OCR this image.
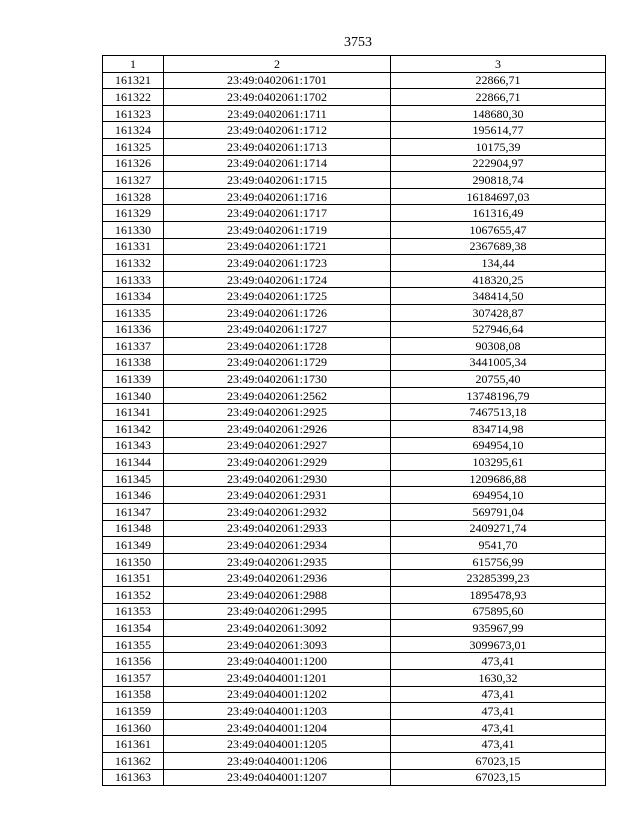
3753
1	2	3
161321	23:49:0402061:1701	22866,71
161322	23:49:0402061:1702	22866,71
161323	23:49:0402061:1711	148680,30
161324	23:49:0402061:1712	195614,77
161325	23:49:0402061:1713	10175,39
161326	23:49:0402061:1714	222904,97
161327	23:49:0402061:1715	290818,74
161328	23:49:0402061:1716	16184697,03
161329	23:49:0402061:1717	161316,49
161330	23:49:0402061:1719	1067655,47
161331	23:49:0402061:1721	2367689,38
161332	23:49:0402061:1723	134,44
161333	23:49:0402061:1724	418320,25
161334	23:49:0402061:1725	348414,50
161335	23:49:0402061:1726	307428,87
161336	23:49:0402061:1727	527946,64
161337	23:49:0402061:1728	90308,08
161338	23:49:0402061:1729	3441005,34
161339	23:49:0402061:1730	20755,40
161340	23:49:0402061:2562	13748196,79
161341	23:49:0402061:2925	7467513,18
161342	23:49:0402061:2926	834714,98
161343	23:49:0402061:2927	694954,10
161344	23:49:0402061:2929	103295,61
161345	23:49:0402061:2930	1209686,88
161346	23:49:0402061:2931	694954,10
161347	23:49:0402061:2932	569791,04
161348	23:49:0402061:2933	2409271,74
161349	23:49:0402061:2934	9541,70
161350	23:49:0402061:2935	615756,99
161351	23:49:0402061:2936	23285399,23
161352	23:49:0402061:2988	1895478,93
161353	23:49:0402061:2995	675895,60
161354	23:49:0402061:3092	935967,99
161355	23:49:0402061:3093	3099673,01
161356	23:49:0404001:1200	473,41
161357	23:49:0404001:1201	1630,32
161358	23:49:0404001:1202	473,41
161359	23:49:0404001:1203	473,41
161360	23:49:0404001:1204	473,41
161361	23:49:0404001:1205	473,41
161362	23:49:0404001:1206	67023,15
161363	23:49:0404001:1207	67023,15
